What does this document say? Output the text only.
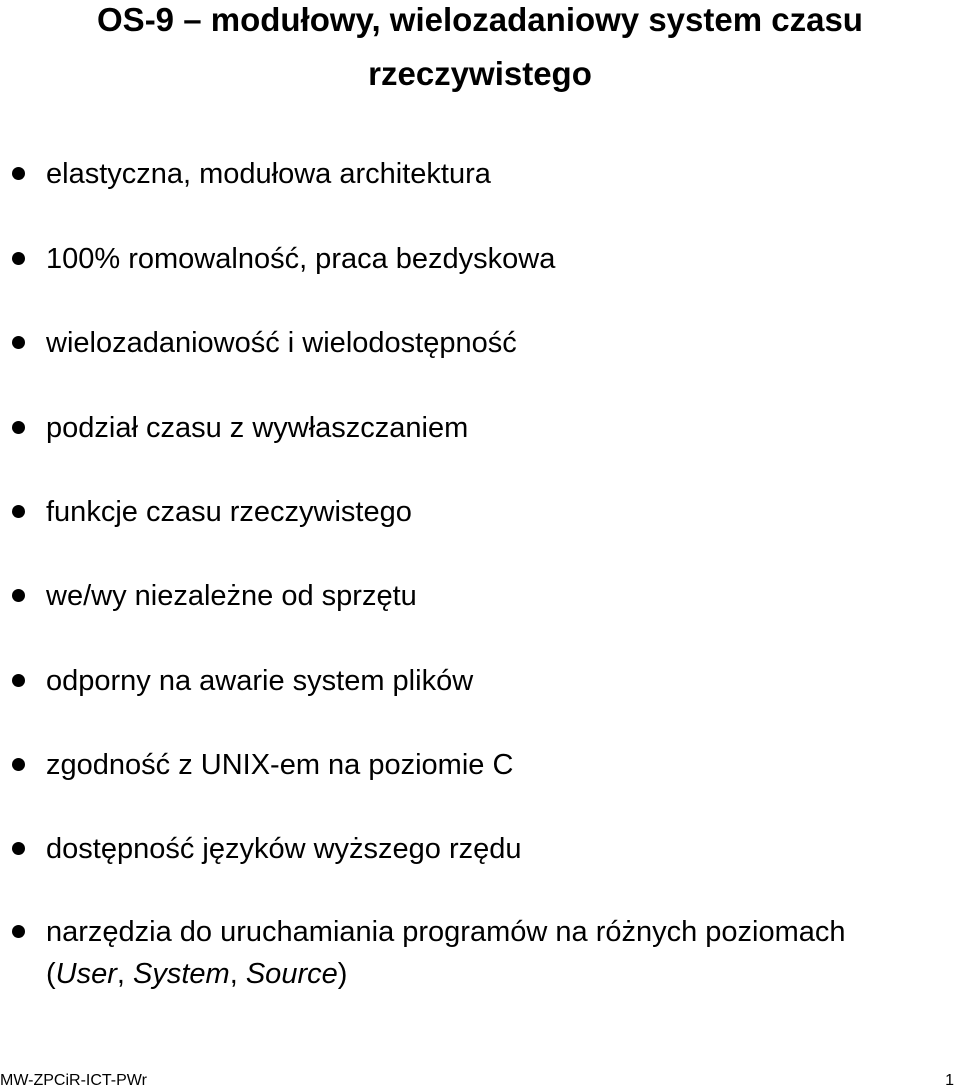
OS-9 – modułowy, wielozadaniowy system czasu
rzeczywistego
elastyczna, modułowa architektura
100% romowalność, praca bezdyskowa
wielozadaniowość i wielodostępność
podział czasu z wywłaszczaniem
funkcje czasu rzeczywistego
we/wy niezależne od sprzętu
odporny na awarie system plików
zgodność z UNIX-em na poziomie C
dostępność języków wyższego rzędu
narzędzia do uruchamiania programów na różnych poziomach
(User, System, Source)
MW-ZPCiR-ICT-PWr	1
